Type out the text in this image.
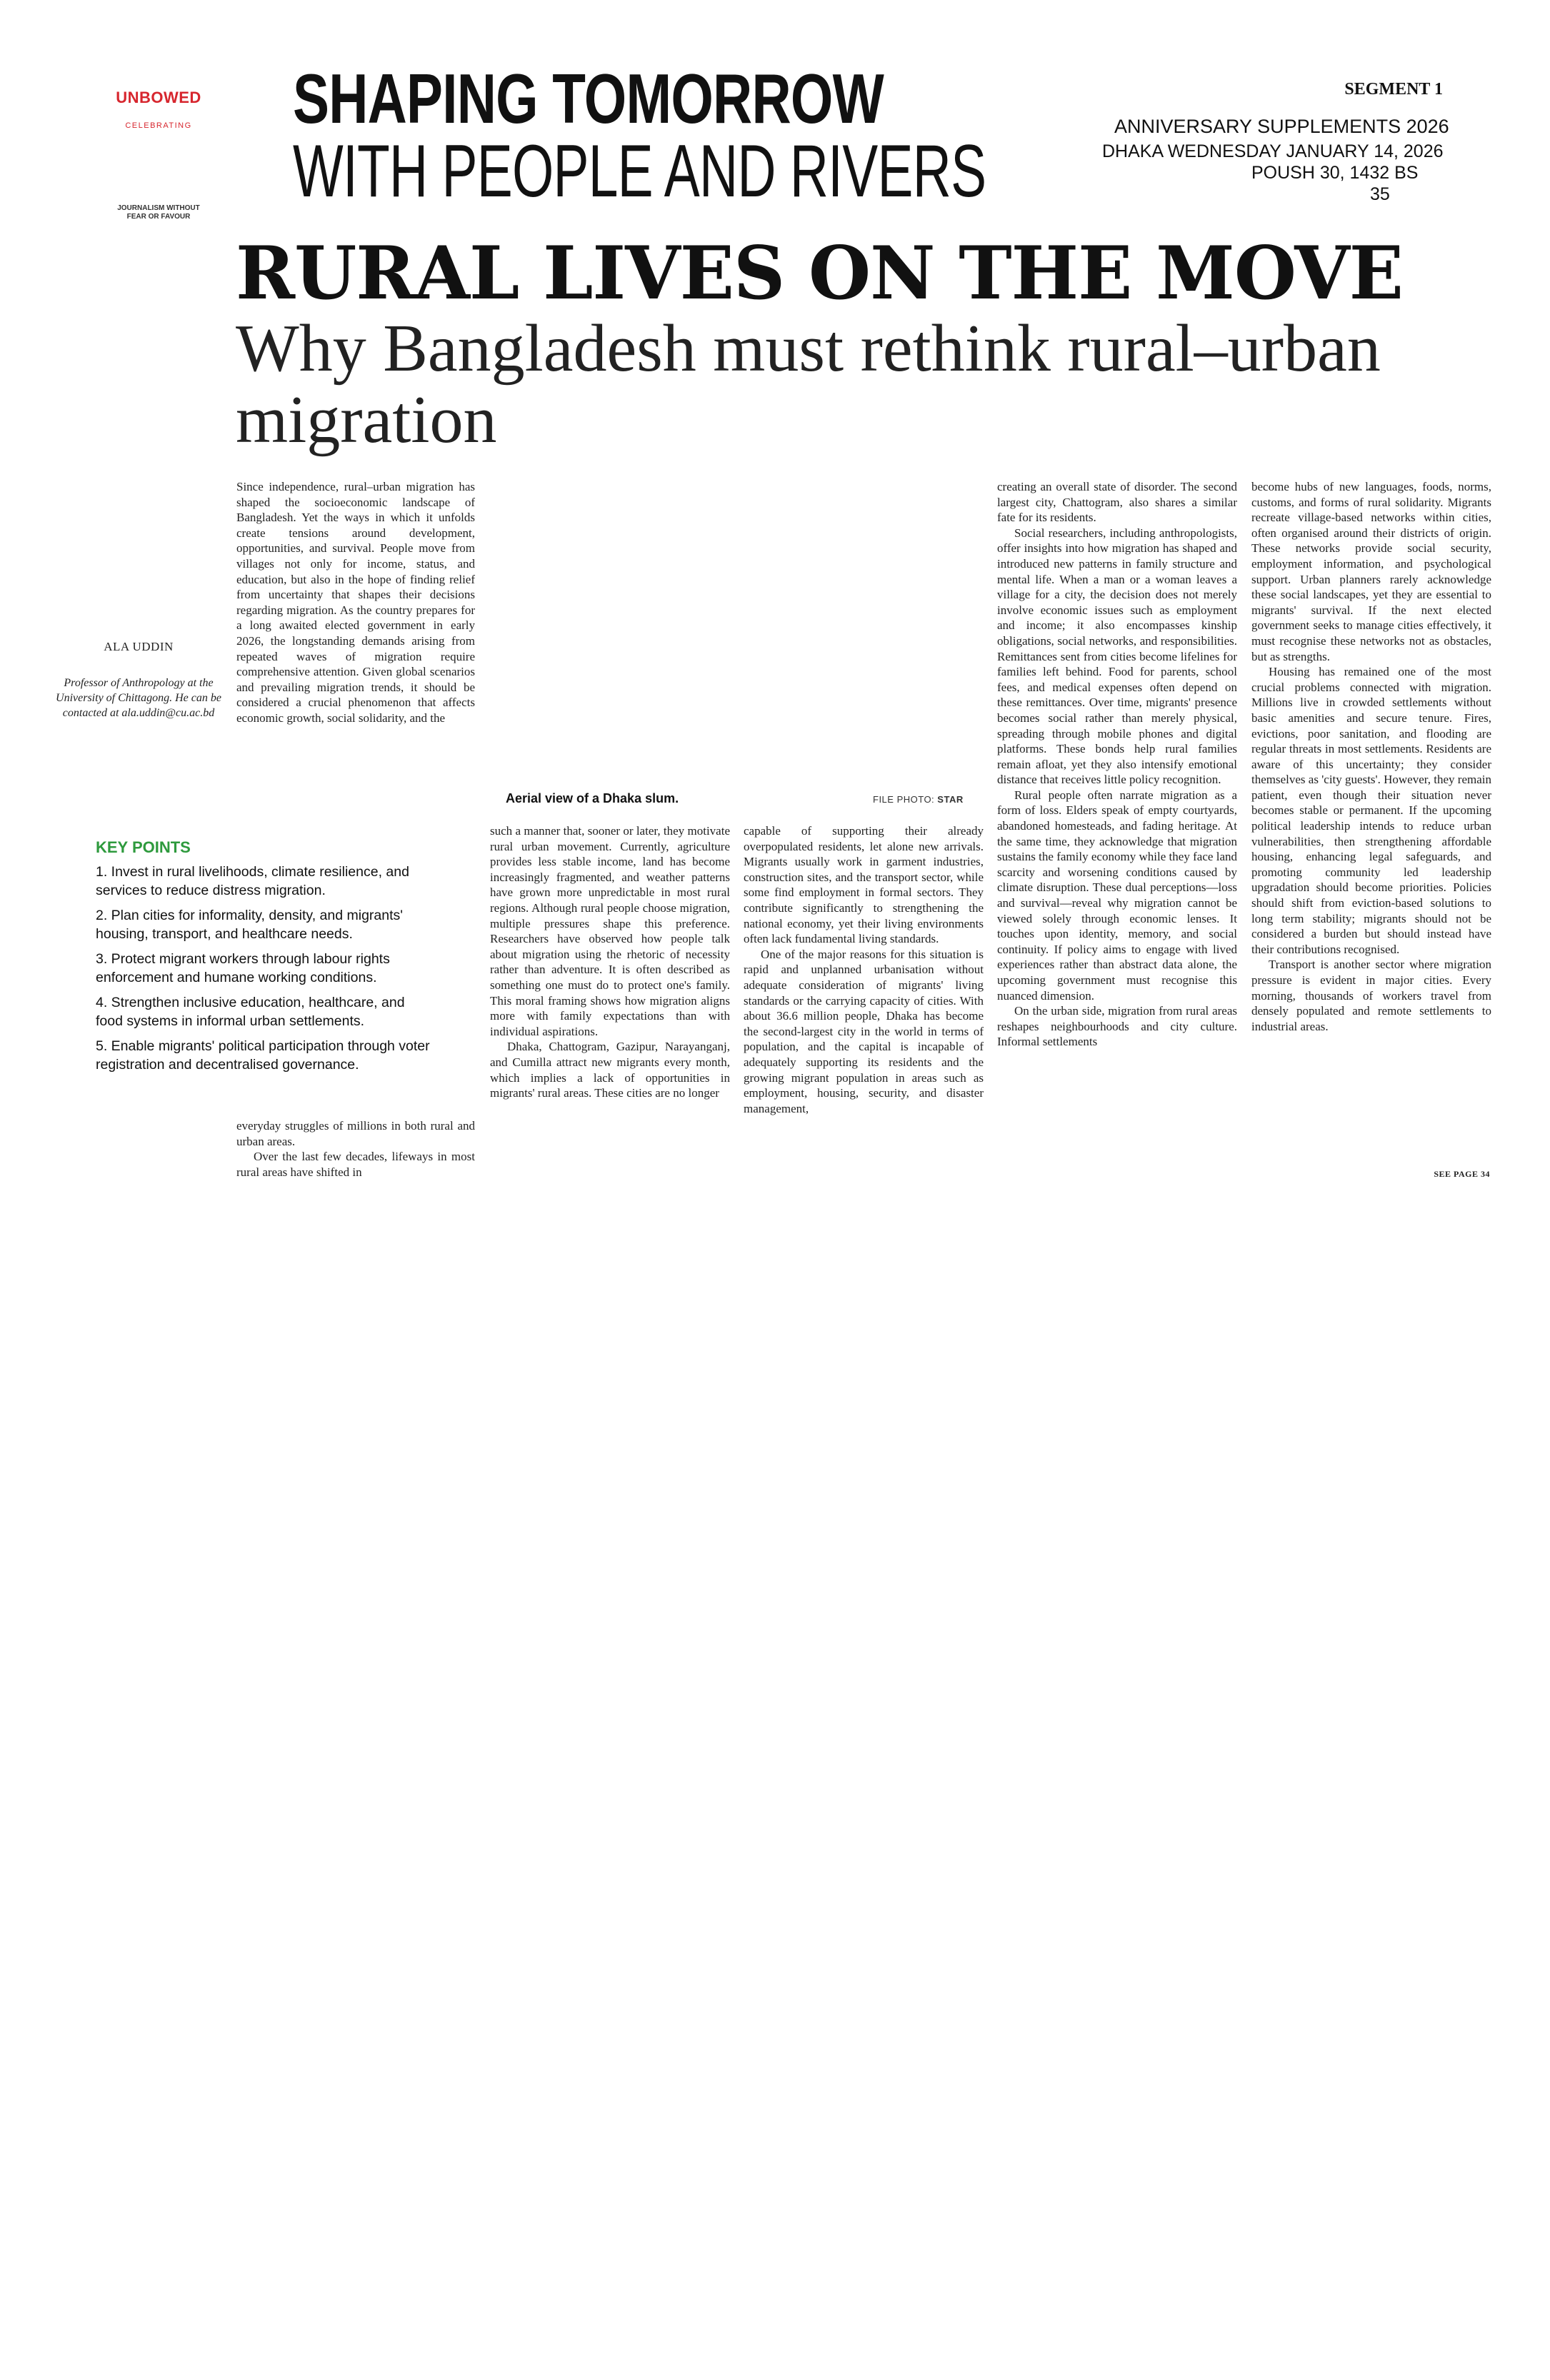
UNBOWED
CELEBRATING
JOURNALISM WITHOUT FEAR OR FAVOUR
SHAPING TOMORROW
WITH PEOPLE AND RIVERS
SEGMENT 1
ANNIVERSARY SUPPLEMENTS 2026
DHAKA WEDNESDAY JANUARY 14, 2026
POUSH 30, 1432 BS
35
RURAL LIVES ON THE MOVE
Why Bangladesh must rethink rural–urban migration
ALA UDDIN
Professor of Anthropology at the University of Chittagong. He can be contacted at ala.uddin@cu.ac.bd
KEY POINTS
1. Invest in rural livelihoods, climate resilience, and services to reduce distress migration.
2. Plan cities for informality, density, and migrants' housing, transport, and healthcare needs.
3. Protect migrant workers through labour rights enforcement and humane working conditions.
4. Strengthen inclusive education, healthcare, and food systems in informal urban settlements.
5. Enable migrants' political participation through voter registration and decentralised governance.

Since independence, rural–urban migration has shaped the socioeconomic landscape of Bangladesh. Yet the ways in which it unfolds create tensions around development, opportunities, and survival. People move from villages not only for income, status, and education, but also in the hope of finding relief from uncertainty that shapes their decisions regarding migration. As the country prepares for a long awaited elected government in early 2026, the longstanding demands arising from repeated waves of migration require comprehensive attention. Given global scenarios and prevailing migration trends, it should be considered a crucial phenomenon that affects economic growth, social solidarity, and the

Aerial view of a Dhaka slum.	FILE PHOTO: STAR

everyday struggles of millions in both rural and urban areas.

Over the last few decades, lifeways in most rural areas have shifted in

such a manner that, sooner or later, they motivate rural urban movement. Currently, agriculture provides less stable income, land has become increasingly fragmented, and weather patterns have grown more unpredictable in most rural regions. Although rural people choose migration, multiple pressures shape this preference. Researchers have observed how people talk about migration using the rhetoric of necessity rather than adventure. It is often described as something one must do to protect one's family. This moral framing shows how migration aligns more with family expectations than with individual aspirations.

Dhaka, Chattogram, Gazipur, Narayanganj, and Cumilla attract new migrants every month, which implies a lack of opportunities in migrants' rural areas. These cities are no longer

capable of supporting their already overpopulated residents, let alone new arrivals. Migrants usually work in garment industries, construction sites, and the transport sector, while some find employment in formal sectors. They contribute significantly to strengthening the national economy, yet their living environments often lack fundamental living standards.

One of the major reasons for this situation is rapid and unplanned urbanisation without adequate consideration of migrants' living standards or the carrying capacity of cities. With about 36.6 million people, Dhaka has become the second-largest city in the world in terms of population, and the capital is incapable of adequately supporting its residents and the growing migrant population in areas such as employment, housing, security, and disaster management,

creating an overall state of disorder. The second largest city, Chattogram, also shares a similar fate for its residents.

Social researchers, including anthropologists, offer insights into how migration has shaped and introduced new patterns in family structure and mental life. When a man or a woman leaves a village for a city, the decision does not merely involve economic issues such as employment and income; it also encompasses kinship obligations, social networks, and responsibilities. Remittances sent from cities become lifelines for families left behind. Food for parents, school fees, and medical expenses often depend on these remittances. Over time, migrants' presence becomes social rather than merely physical, spreading through mobile phones and digital platforms. These bonds help rural families remain afloat, yet they also intensify emotional distance that receives little policy recognition.

Rural people often narrate migration as a form of loss. Elders speak of empty courtyards, abandoned homesteads, and fading heritage. At the same time, they acknowledge that migration sustains the family economy while they face land scarcity and worsening conditions caused by climate disruption. These dual perceptions—loss and survival—reveal why migration cannot be viewed solely through economic lenses. It touches upon identity, memory, and social continuity. If policy aims to engage with lived experiences rather than abstract data alone, the upcoming government must recognise this nuanced dimension.

On the urban side, migration from rural areas reshapes neighbourhoods and city culture. Informal settlements

become hubs of new languages, foods, norms, customs, and forms of rural solidarity. Migrants recreate village-based networks within cities, often organised around their districts of origin. These networks provide social security, employment information, and psychological support. Urban planners rarely acknowledge these social landscapes, yet they are essential to migrants' survival. If the next elected government seeks to manage cities effectively, it must recognise these networks not as obstacles, but as strengths.

Housing has remained one of the most crucial problems connected with migration. Millions live in crowded settlements without basic amenities and secure tenure. Fires, evictions, poor sanitation, and flooding are regular threats in most settlements. Residents are aware of this uncertainty; they consider themselves as 'city guests'. However, they remain patient, even though their situation never becomes stable or permanent. If the upcoming political leadership intends to reduce urban vulnerabilities, then strengthening affordable housing, enhancing legal safeguards, and promoting community led leadership upgradation should become priorities. Policies should shift from eviction-based solutions to long term stability; migrants should not be considered a burden but should instead have their contributions recognised.

Transport is another sector where migration pressure is evident in major cities. Every morning, thousands of workers travel from densely populated and remote settlements to industrial areas.

SEE PAGE 34
